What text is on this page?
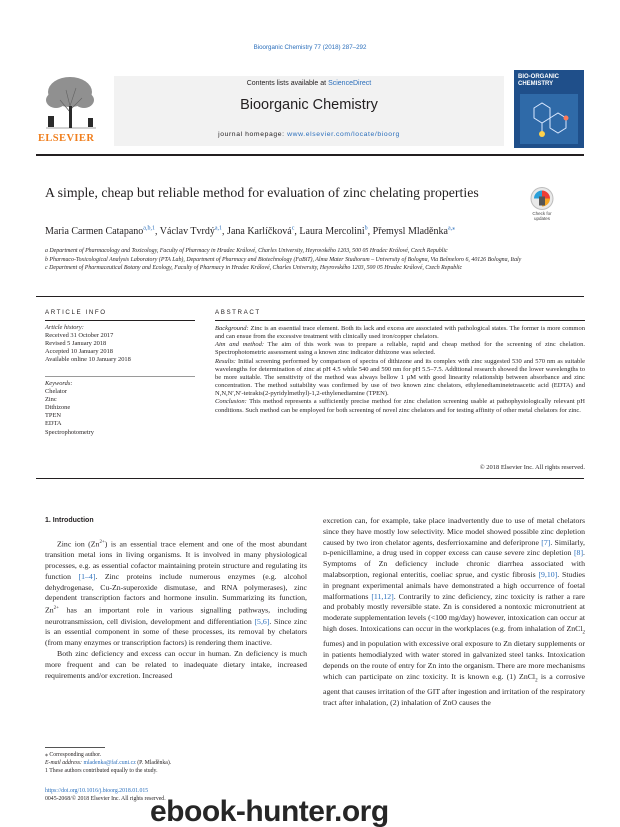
Bioorganic Chemistry 77 (2018) 287–292
ELSEVIER
Contents lists available at ScienceDirect
Bioorganic Chemistry
journal homepage: www.elsevier.com/locate/bioorg
BIO-ORGANIC CHEMISTRY
A simple, cheap but reliable method for evaluation of zinc chelating properties
Check for updates
Maria Carmen Catapano$^{a,b,1}$, Václav Tvrdý$^{a,1}$, Jana Karlíčková$^c$, Laura Mercolini$^b$, Přemysl Mladěnka$^{a,⁎}$

a Department of Pharmacology and Toxicology, Faculty of Pharmacy in Hradec Králové, Charles University, Heyrovského 1203, 500 05 Hradec Králové, Czech Republic

b Pharmaco-Toxicological Analysis Laboratory (PTA Lab), Department of Pharmacy and Biotechnology (FaBiT), Alma Mater Studiorum – University of Bologna, Via Belmeloro 6, 40126 Bologna, Italy

c Department of Pharmaceutical Botany and Ecology, Faculty of Pharmacy in Hradec Králové, Charles University, Heyrovského 1203, 500 05 Hradec Králové, Czech Republic

ARTICLE INFO
Article history:
Received 31 October 2017
Revised 5 January 2018
Accepted 10 January 2018
Available online 10 January 2018
Keywords:
Chelator
Zinc
Dithizone
TPEN
EDTA
Spectrophotometry
ABSTRACT
Background: Zinc is an essential trace element. Both its lack and excess are associated with pathological states. The former is more common and can ensue from the excessive treatment with clinically used iron/copper chelators.
Aim and method: The aim of this work was to prepare a reliable, rapid and cheap method for the screening of zinc chelation. Spectrophotometric assessment using a known zinc indicator dithizone was selected.
Results: Initial screening performed by comparison of spectra of dithizone and its complex with zinc suggested 530 and 570 nm as suitable wavelengths for determination of zinc at pH 4.5 while 540 and 590 nm for pH 5.5–7.5. Additional research showed the lower wavelengths to be more suitable. The sensitivity of the method was always bellow 1 µM with good linearity relationship between absorbance and zinc concentration. The method suitability was confirmed by use of two known zinc chelators, ethylenediaminetetraacetic acid (EDTA) and N,N,N′,N′-tetrakis(2-pyridylmethyl)-1,2-ethylenediamine (TPEN).
Conclusion: This method represents a sufficiently precise method for zinc chelation screening usable at pathophysiologically relevant pH conditions. Such method can be employed for both screening of novel zinc chelators and for testing affinity of other metal chelators for zinc.
© 2018 Elsevier Inc. All rights reserved.
1. Introduction

Zinc ion $(Zn^{2+})$ is an essential trace element and one of the most abundant transition metal ions in living organisms. It is involved in many physiological processes, e.g. as essential cofactor maintaining protein structure and regulating its function [1–4]. Zinc proteins include numerous enzymes (e.g. alcohol dehydrogenase, Cu-Zn-superoxide dismutase, and RNA polymerases), zinc dependent transcription factors and hormone insulin. Summarizing its function, $Zn^{2+}$ has an important role in various signalling pathways, including neurotransmission, cell division, development and differentiation [5,6]. Since zinc is an essential component in some of these processes, its removal by chelators (from many enzymes or transcription factors) is rendering them inactive.

Both zinc deficiency and excess can occur in human. Zn deficiency is much more frequent and can be related to inadequate dietary intake, increased requirements and/or excretion. Increased

excretion can, for example, take place inadvertently due to use of metal chelators since they have mostly low selectivity. Mice model showed possible zinc depletion caused by two iron chelator agents, desferrioxamine and deferiprone [7]. Similarly, ᴅ-penicillamine, a drug used in copper excess can cause severe zinc depletion [8]. Symptoms of Zn deficiency include chronic diarrhea associated with malabsorption, regional enteritis, coeliac sprue, and cystic fibrosis [9,10]. Studies in pregnant experimental animals have demonstrated a high occurrence of foetal malformations [11,12]. Contrarily to zinc deficiency, zinc toxicity is rather a rare and probably mostly reversible state. Zn is considered a nontoxic micronutrient at moderate supplementation levels (<100 mg/day) however, intoxication can occur at high doses. Intoxications can occur in the workplaces (e.g. from inhalation of ZnCl$_2$ fumes) and in population with excessive oral exposure to Zn dietary supplements or in patients hemodialyzed with water stored in galvanized steel tanks. Intoxication depends on the route of entry for Zn into the organism. There are more mechanisms which can participate on zinc toxicity. It is known e.g. (1) ZnCl$_2$ is a corrosive agent that causes irritation of the GIT after ingestion and irritation of the respiratory tract after inhalation, (2) inhalation of ZnO causes the

⁎ Corresponding author.
E-mail address: mladenka@faf.cuni.cz (P. Mladěnka).
1 These authors contributed equally to the study.
https://doi.org/10.1016/j.bioorg.2018.01.015
0045-2068/© 2018 Elsevier Inc. All rights reserved.
ebook-hunter.org
